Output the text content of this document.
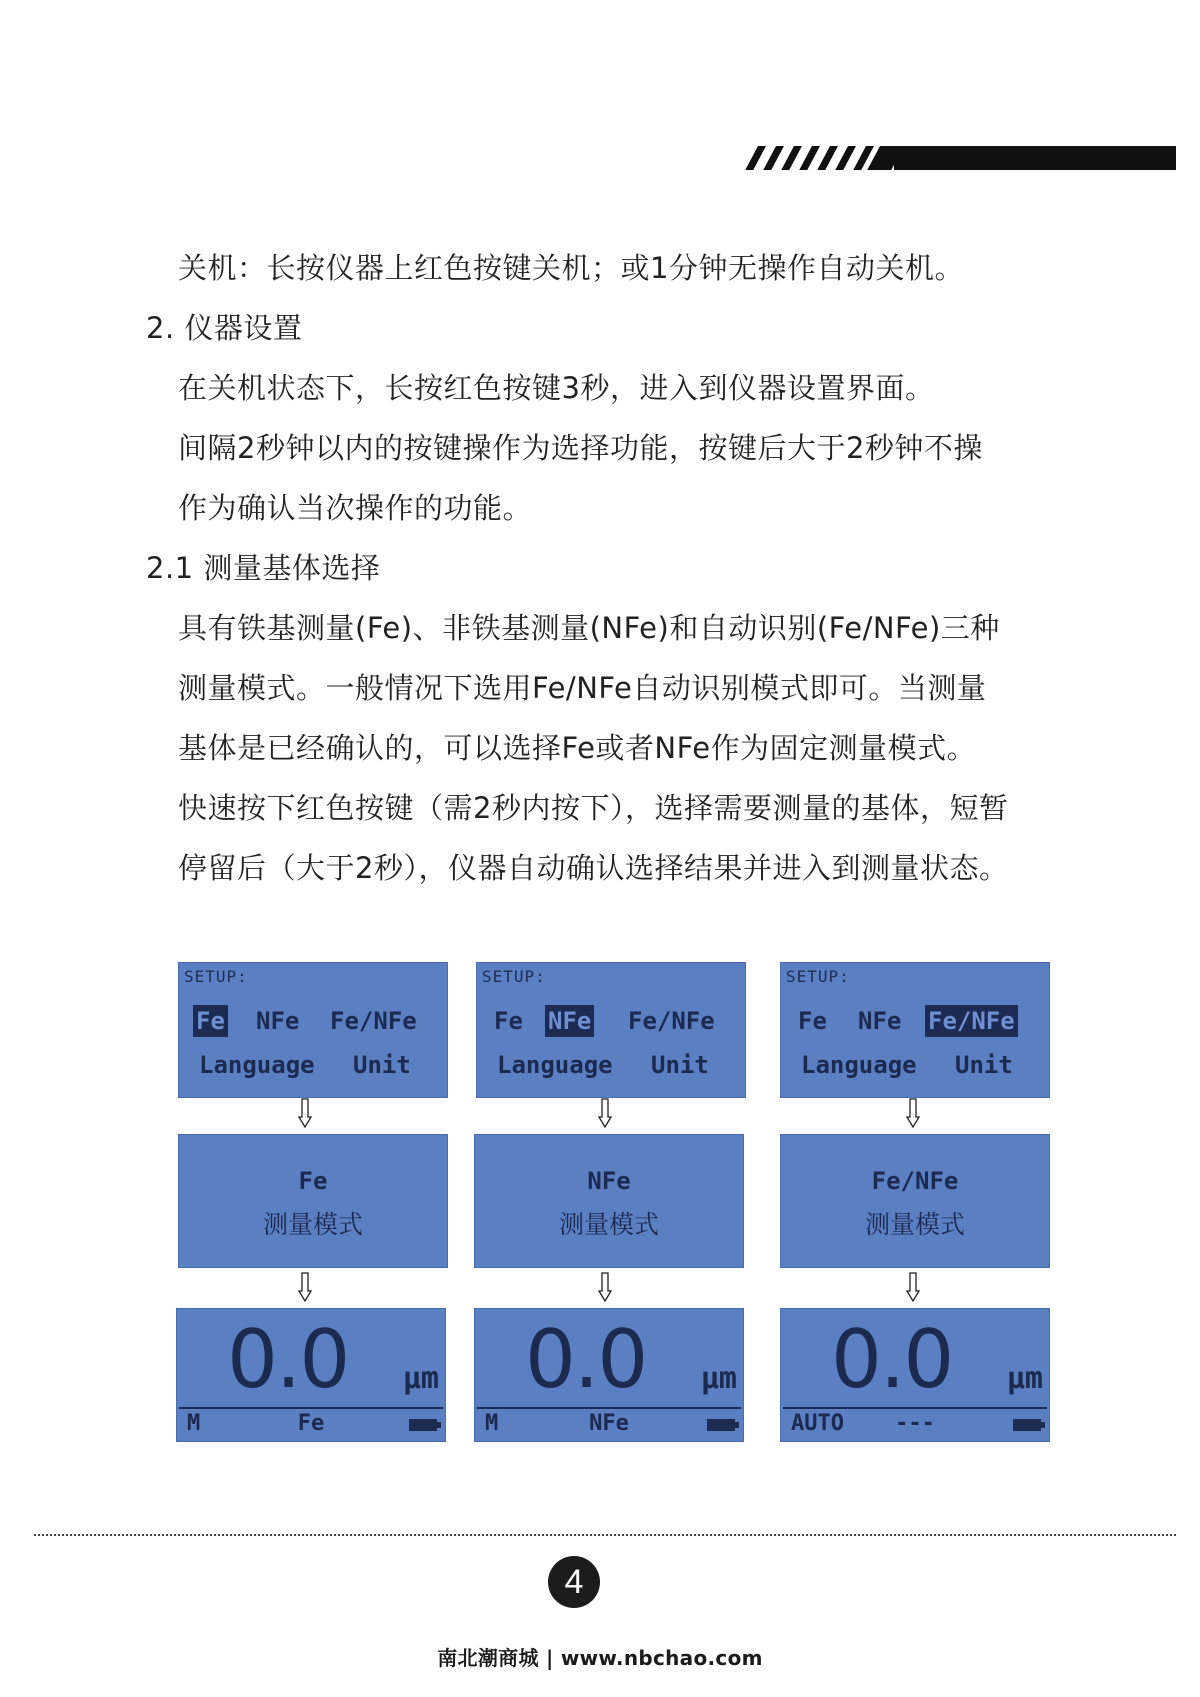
关机：长按仪器上红色按键关机；或1分钟无操作自动关机。
2. 仪器设置
在关机状态下，长按红色按键3秒，进入到仪器设置界面。
间隔2秒钟以内的按键操作为选择功能，按键后大于2秒钟不操
作为确认当次操作的功能。
2.1 测量基体选择
具有铁基测量(Fe)、非铁基测量(NFe)和自动识别(Fe/NFe)三种
测量模式。一般情况下选用Fe/NFe自动识别模式即可。当测量
基体是已经确认的，可以选择Fe或者NFe作为固定测量模式。
快速按下红色按键（需2秒内按下），选择需要测量的基体，短暂
停留后（大于2秒），仪器自动确认选择结果并进入到测量状态。
SETUP:
Fe NFe Fe/NFe
Language Unit
Fe
测量模式
0.0 μm
M	Fe
SETUP:
Fe NFe Fe/NFe
Language Unit
NFe
测量模式
0.0 μm
M	NFe
SETUP:
Fe NFe Fe/NFe
Language Unit
Fe/NFe
测量模式
0.0 μm
AUTO	---
4
南北潮商城 | www.nbchao.com
